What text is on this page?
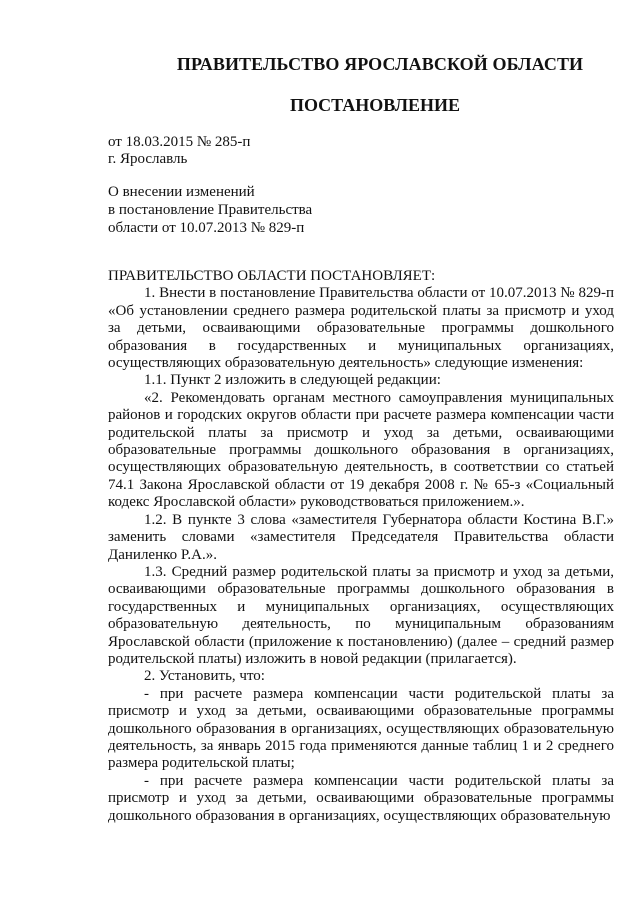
ПРАВИТЕЛЬСТВО ЯРОСЛАВСКОЙ ОБЛАСТИ
ПОСТАНОВЛЕНИЕ
от 18.03.2015 № 285-п
г. Ярославль
О внесении изменений
в постановление Правительства
области от 10.07.2013 № 829-п

ПРАВИТЕЛЬСТВО ОБЛАСТИ ПОСТАНОВЛЯЕТ:

1. Внести в постановление Правительства области от 10.07.2013 № 829-п «Об установлении среднего размера родительской платы за присмотр и уход за детьми, осваивающими образовательные программы дошкольного образования в государственных и муниципальных организациях, осуществляющих образовательную деятельность» следующие изменения:

1.1. Пункт 2 изложить в следующей редакции:

«2. Рекомендовать органам местного самоуправления муниципальных районов и городских округов области при расчете размера компенсации части родительской платы за присмотр и уход за детьми, осваивающими образовательные программы дошкольного образования в организациях, осуществляющих образовательную деятельность, в соответствии со статьей 74.1 Закона Ярославской области от 19 декабря 2008 г. № 65-з «Социальный кодекс Ярославской области» руководствоваться приложением.».

1.2. В пункте 3 слова «заместителя Губернатора области Костина В.Г.» заменить словами «заместителя Председателя Правительства области Даниленко Р.А.».

1.3. Средний размер родительской платы за присмотр и уход за детьми, осваивающими образовательные программы дошкольного образования в государственных и муниципальных организациях, осуществляющих образовательную деятельность, по муниципальным образованиям Ярославской области (приложение к постановлению) (далее – средний размер родительской платы) изложить в новой редакции (прилагается).

2. Установить, что:

- при расчете размера компенсации части родительской платы за присмотр и уход за детьми, осваивающими образовательные программы дошкольного образования в организациях, осуществляющих образовательную деятельность, за январь 2015 года применяются данные таблиц 1 и 2 среднего размера родительской платы;

- при расчете размера компенсации части родительской платы за присмотр и уход за детьми, осваивающими образовательные программы дошкольного образования в организациях, осуществляющих образовательную
